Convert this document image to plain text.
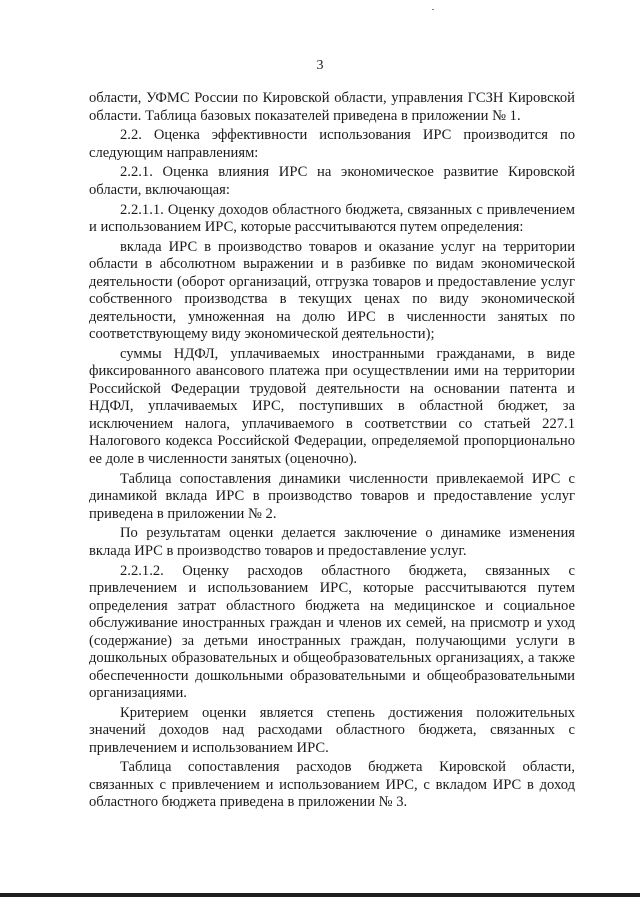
3

области, УФМС России по Кировской области, управления ГСЗН Кировской области. Таблица базовых показателей приведена в приложении № 1.

2.2. Оценка эффективности использования ИРС производится по следующим направлениям:

2.2.1. Оценка влияния ИРС на экономическое развитие Кировской области, включающая:

2.2.1.1. Оценку доходов областного бюджета, связанных с привлечением и использованием ИРС, которые рассчитываются путем определения:

вклада ИРС в производство товаров и оказание услуг на территории области в абсолютном выражении и в разбивке по видам экономической деятельности (оборот организаций, отгрузка товаров и предоставление услуг собственного производства в текущих ценах по виду экономической деятельности, умноженная на долю ИРС в численности занятых по соответствующему виду экономической деятельности);

суммы НДФЛ, уплачиваемых иностранными гражданами, в виде фиксированного авансового платежа при осуществлении ими на территории Российской Федерации трудовой деятельности на основании патента и НДФЛ, уплачиваемых ИРС, поступивших в областной бюджет, за исключением налога, уплачиваемого в соответствии со статьей 227.1 Налогового кодекса Российской Федерации, определяемой пропорционально ее доле в численности занятых (оценочно).

Таблица сопоставления динамики численности привлекаемой ИРС с динамикой вклада ИРС в производство товаров и предоставление услуг приведена в приложении № 2.

По результатам оценки делается заключение о динамике изменения вклада ИРС в производство товаров и предоставление услуг.

2.2.1.2. Оценку расходов областного бюджета, связанных с привлечением и использованием ИРС, которые рассчитываются путем определения затрат областного бюджета на медицинское и социальное обслуживание иностранных граждан и членов их семей, на присмотр и уход (содержание) за детьми иностранных граждан, получающими услуги в дошкольных образовательных и общеобразовательных организациях, а также обеспеченности дошкольными образовательными и общеобразовательными организациями.

Критерием оценки является степень достижения положительных значений доходов над расходами областного бюджета, связанных с привлечением и использованием ИРС.

Таблица сопоставления расходов бюджета Кировской области, связанных с привлечением и использованием ИРС, с вкладом ИРС в доход областного бюджета приведена в приложении № 3.
